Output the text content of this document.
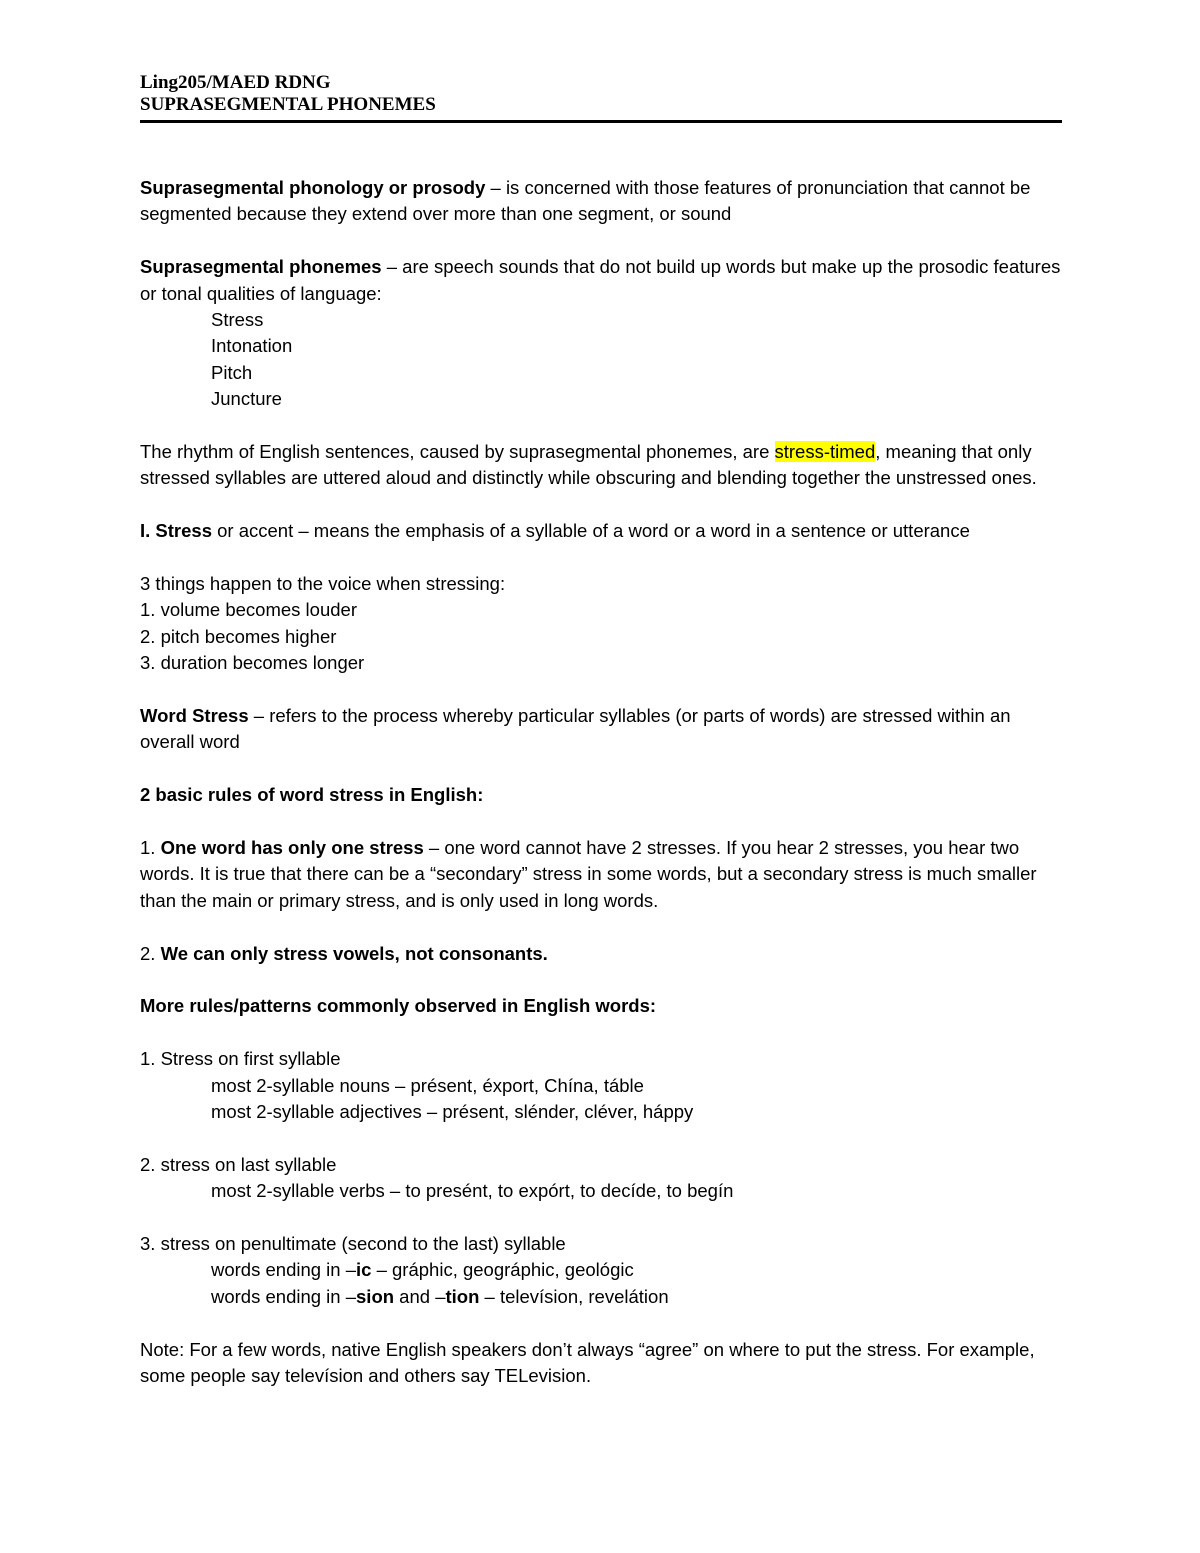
Ling205/MAED RDNG
SUPRASEGMENTAL PHONEMES

Suprasegmental phonology or prosody – is concerned with those features of pronunciation that cannot be segmented because they extend over more than one segment, or sound

Suprasegmental phonemes – are speech sounds that do not build up words but make up the prosodic features or tonal qualities of language:

Stress

Intonation

Pitch

Juncture

The rhythm of English sentences, caused by suprasegmental phonemes, are stress-timed, meaning that only stressed syllables are uttered aloud and distinctly while obscuring and blending together the unstressed ones.

I. Stress or accent – means the emphasis of a syllable of a word or a word in a sentence or utterance

3 things happen to the voice when stressing:

1. volume becomes louder

2. pitch becomes higher

3. duration becomes longer

Word Stress – refers to the process whereby particular syllables (or parts of words) are stressed within an overall word

2 basic rules of word stress in English:

1. One word has only one stress – one word cannot have 2 stresses. If you hear 2 stresses, you hear two words. It is true that there can be a “secondary” stress in some words, but a secondary stress is much smaller than the main or primary stress, and is only used in long words.

2. We can only stress vowels, not consonants.

More rules/patterns commonly observed in English words:

1. Stress on first syllable

most 2-syllable nouns – présent, éxport, Chína, táble

most 2-syllable adjectives – présent, slénder, cléver, háppy

2. stress on last syllable

most 2-syllable verbs – to presént, to expórt, to decíde, to begín

3. stress on penultimate (second to the last) syllable

words ending in –ic – gráphic, geográphic, geológic

words ending in –sion and –tion – televísion, revelátion

Note: For a few words, native English speakers don’t always “agree” on where to put the stress. For example, some people say televísion and others say TELevision.
